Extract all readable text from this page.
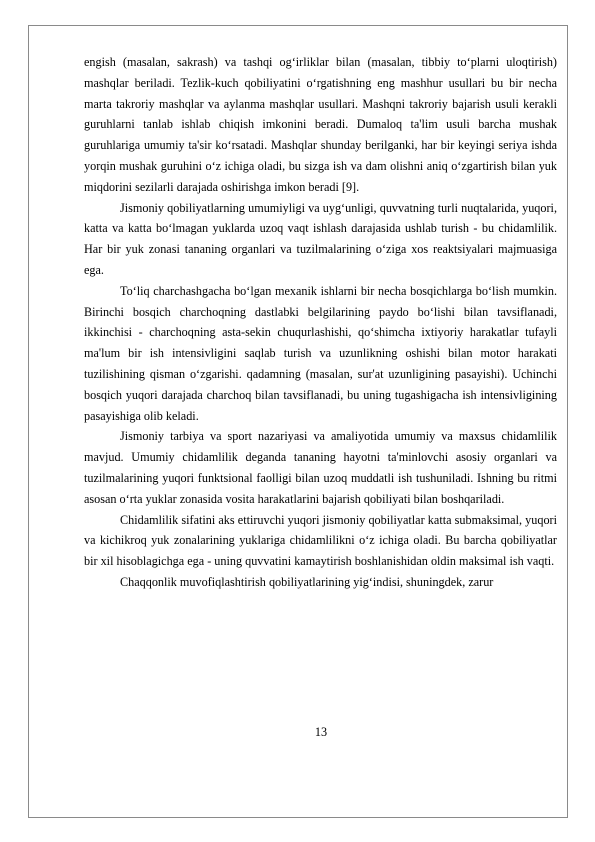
engish (masalan, sakrash) va tashqi og‘irliklar bilan (masalan, tibbiy to‘plarni uloqtirish) mashqlar beriladi. Tezlik-kuch qobiliyatini o‘rgatishning eng mashhur usullari bu bir necha marta takroriy mashqlar va aylanma mashqlar usullari. Mashqni takroriy bajarish usuli kerakli guruhlarni tanlab ishlab chiqish imkonini beradi. Dumaloq ta'lim usuli barcha mushak guruhlariga umumiy ta'sir ko‘rsatadi. Mashqlar shunday berilganki, har bir keyingi seriya ishda yorqin mushak guruhini o‘z ichiga oladi, bu sizga ish va dam olishni aniq o‘zgartirish bilan yuk miqdorini sezilarli darajada oshirishga imkon beradi [9].

Jismoniy qobiliyatlarning umumiyligi va uyg‘unligi, quvvatning turli nuqtalarida, yuqori, katta va katta bo‘lmagan yuklarda uzoq vaqt ishlash darajasida ushlab turish - bu chidamlilik. Har bir yuk zonasi tananing organlari va tuzilmalarining o‘ziga xos reaktsiyalari majmuasiga ega.

To‘liq charchashgacha bo‘lgan mexanik ishlarni bir necha bosqichlarga bo‘lish mumkin. Birinchi bosqich charchoqning dastlabki belgilarining paydo bo‘lishi bilan tavsiflanadi, ikkinchisi - charchoqning asta-sekin chuqurlashishi, qo‘shimcha ixtiyoriy harakatlar tufayli ma'lum bir ish intensivligini saqlab turish va uzunlikning oshishi bilan motor harakati tuzilishining qisman o‘zgarishi. qadamning (masalan, sur'at uzunligining pasayishi). Uchinchi bosqich yuqori darajada charchoq bilan tavsiflanadi, bu uning tugashigacha ish intensivligining pasayishiga olib keladi.

Jismoniy tarbiya va sport nazariyasi va amaliyotida umumiy va maxsus chidamlilik mavjud. Umumiy chidamlilik deganda tananing hayotni ta'minlovchi asosiy organlari va tuzilmalarining yuqori funktsional faolligi bilan uzoq muddatli ish tushuniladi. Ishning bu ritmi asosan o‘rta yuklar zonasida vosita harakatlarini bajarish qobiliyati bilan boshqariladi.

Chidamlilik sifatini aks ettiruvchi yuqori jismoniy qobiliyatlar katta submaksimal, yuqori va kichikroq yuk zonalarining yuklariga chidamlilikni o‘z ichiga oladi. Bu barcha qobiliyatlar bir xil hisoblagichga ega - uning quvvatini kamaytirish boshlanishidan oldin maksimal ish vaqti.

Chaqqonlik muvofiqlashtirish qobiliyatlarining yig‘indisi, shuningdek, zarur

13
